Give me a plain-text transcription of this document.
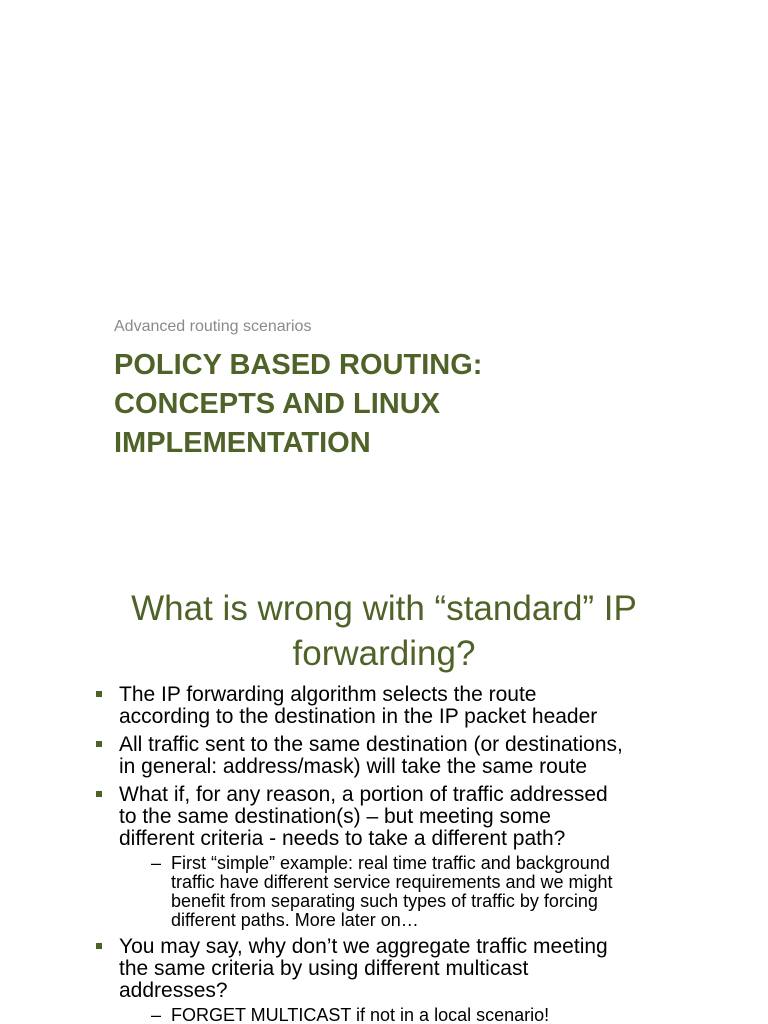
Advanced routing scenarios
POLICY BASED ROUTING:
CONCEPTS AND LINUX
IMPLEMENTATION
What is wrong with “standard” IP
forwarding?
The IP forwarding algorithm selects the route
according to the destination in the IP packet header
All traffic sent to the same destination (or destinations,
in general: address/mask) will take the same route
What if, for any reason, a portion of traffic addressed
to the same destination(s) – but meeting some
different criteria - needs to take a different path?
– First “simple” example: real time traffic and background
traffic have different service requirements and we might
benefit from separating such types of traffic by forcing
different paths. More later on…
You may say, why don’t we aggregate traffic meeting
the same criteria by using different multicast
addresses?
– FORGET MULTICAST if not in a local scenario!
